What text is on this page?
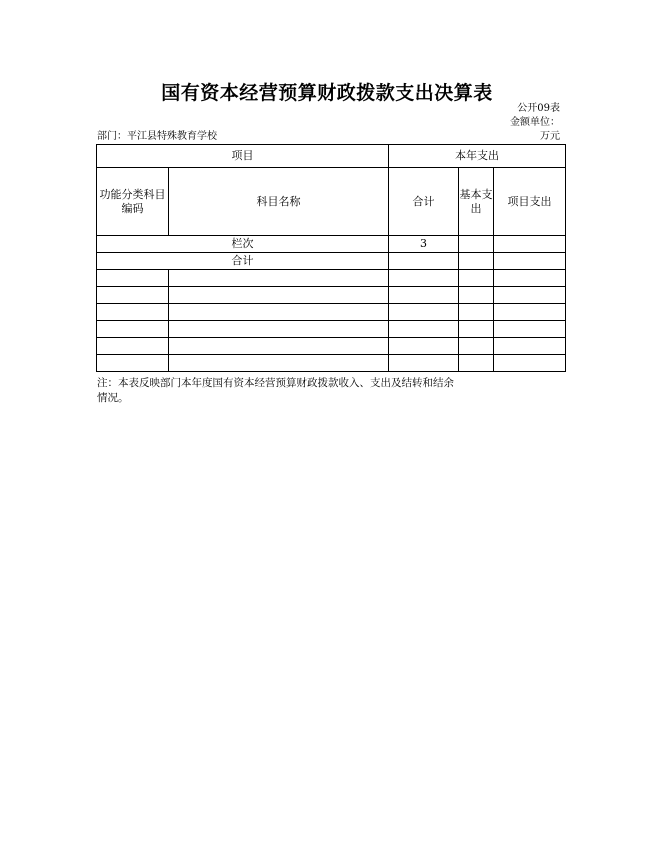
国有资本经营预算财政拨款支出决算表
公开09表
金额单位：
部门：平江县特殊教育学校	万元
项目		本年支出		
功能分类科目编码	科目名称	合计	基本支出	项目支出
栏次		3		
合计				

注：本表反映部门本年度国有资本经营预算财政拨款收入、支出及结转和结余情况。
